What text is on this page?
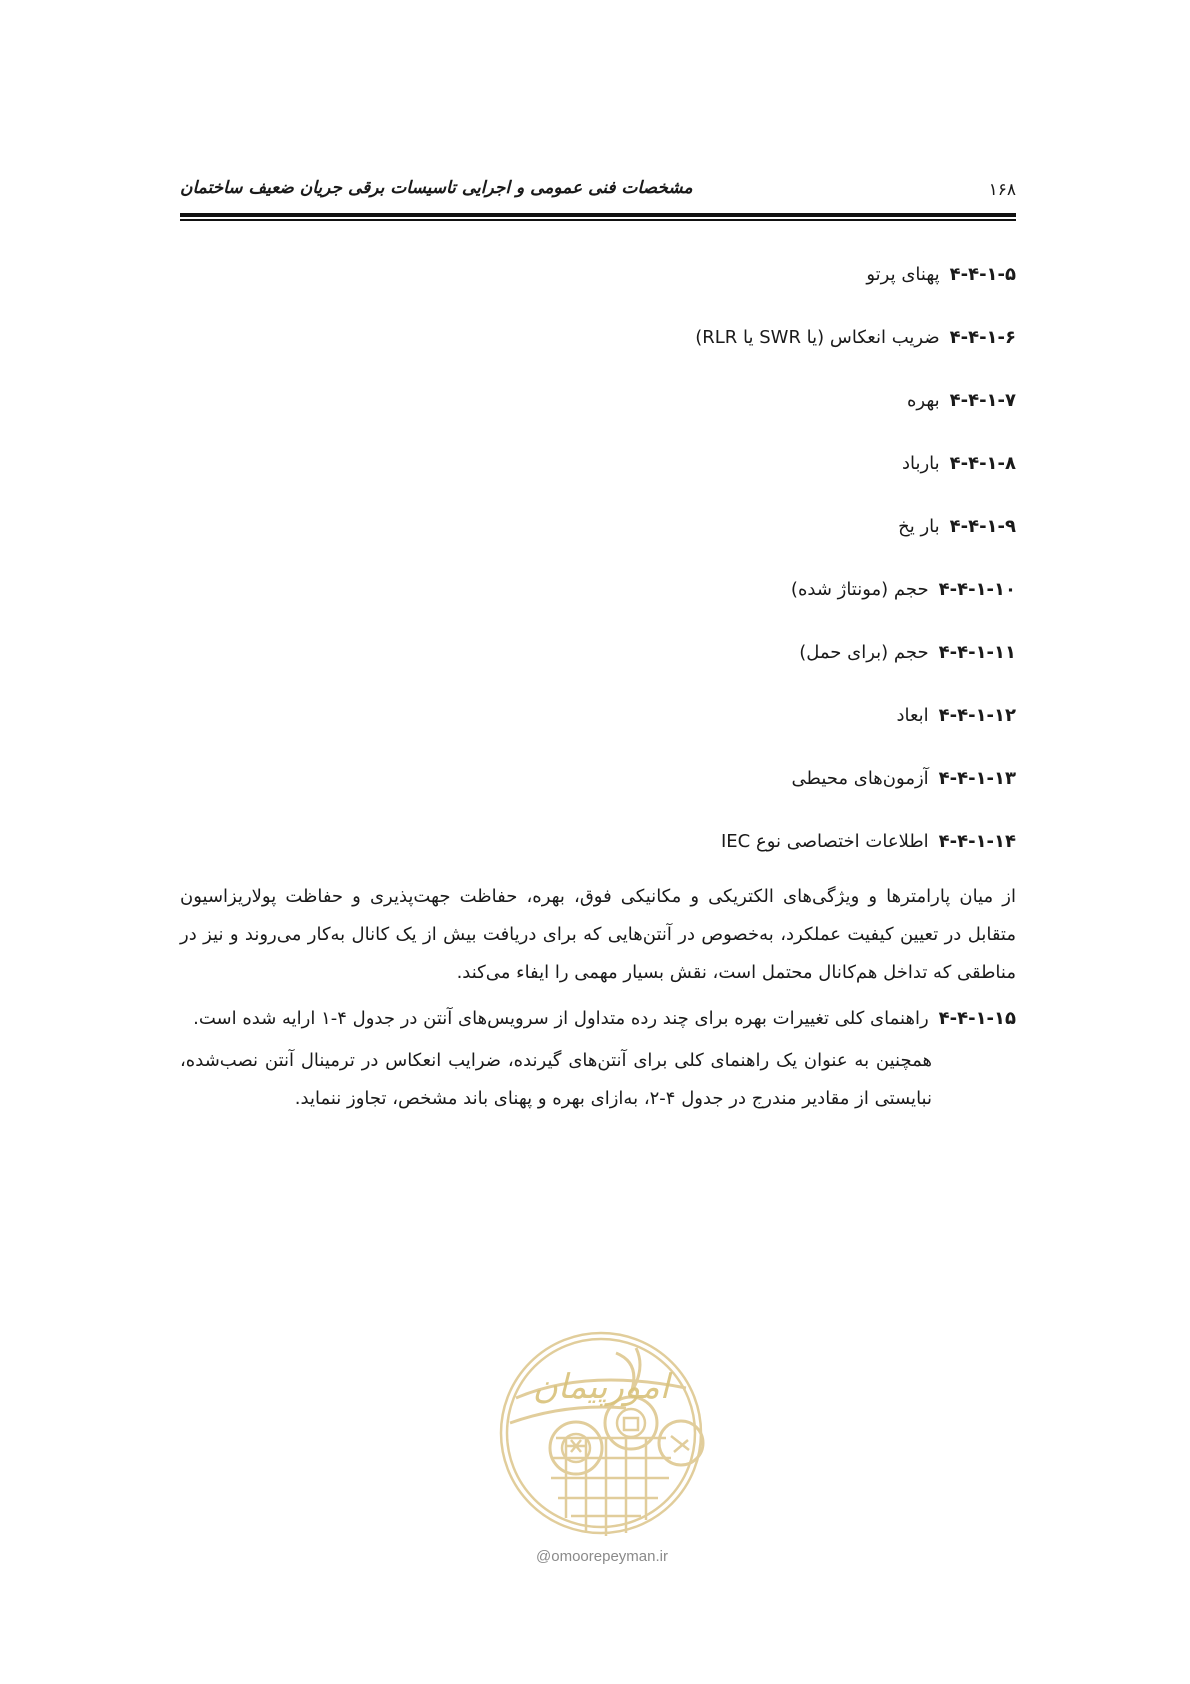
مشخصات فنی عمومی و اجرایی تاسیسات برقی جریان ضعیف ساختمان	۱۶۸
۴-۴-۱-۵پهنای پرتو
۴-۴-۱-۶ضریب انعکاس (یا SWR یا RLR)
۴-۴-۱-۷بهره
۴-۴-۱-۸بارباد
۴-۴-۱-۹بار یخ
۴-۴-۱-۱۰حجم (مونتاژ شده)
۴-۴-۱-۱۱حجم (برای حمل)
۴-۴-۱-۱۲ابعاد
۴-۴-۱-۱۳آزمون‌های محیطی
۴-۴-۱-۱۴اطلاعات اختصاصی نوع IEC
از میان پارامترها و ویژگی‌های الکتریکی و مکانیکی فوق، بهره، حفاظت جهت‌پذیری و حفاظت پولاریزاسیون متقابل در تعیین کیفیت عملکرد، به‌خصوص در آنتن‌هایی که برای دریافت بیش از یک کانال به‌کار می‌روند و نیز در مناطقی که تداخل هم‌کانال محتمل است، نقش بسیار مهمی را ایفاء می‌کند.
۴-۴-۱-۱۵راهنمای کلی تغییرات بهره برای چند رده متداول از سرویس‌های آنتن در جدول ۴-۱ ارایه شده است.
همچنین به عنوان یک راهنمای کلی برای آنتن‌های گیرنده، ضرایب انعکاس در ترمینال آنتن نصب‌شده، نبایستی از مقادیر مندرج در جدول ۴-۲، به‌ازای بهره و پهنای باند مشخص، تجاوز ننماید.
امورپیمان
@omoorepeyman.ir
